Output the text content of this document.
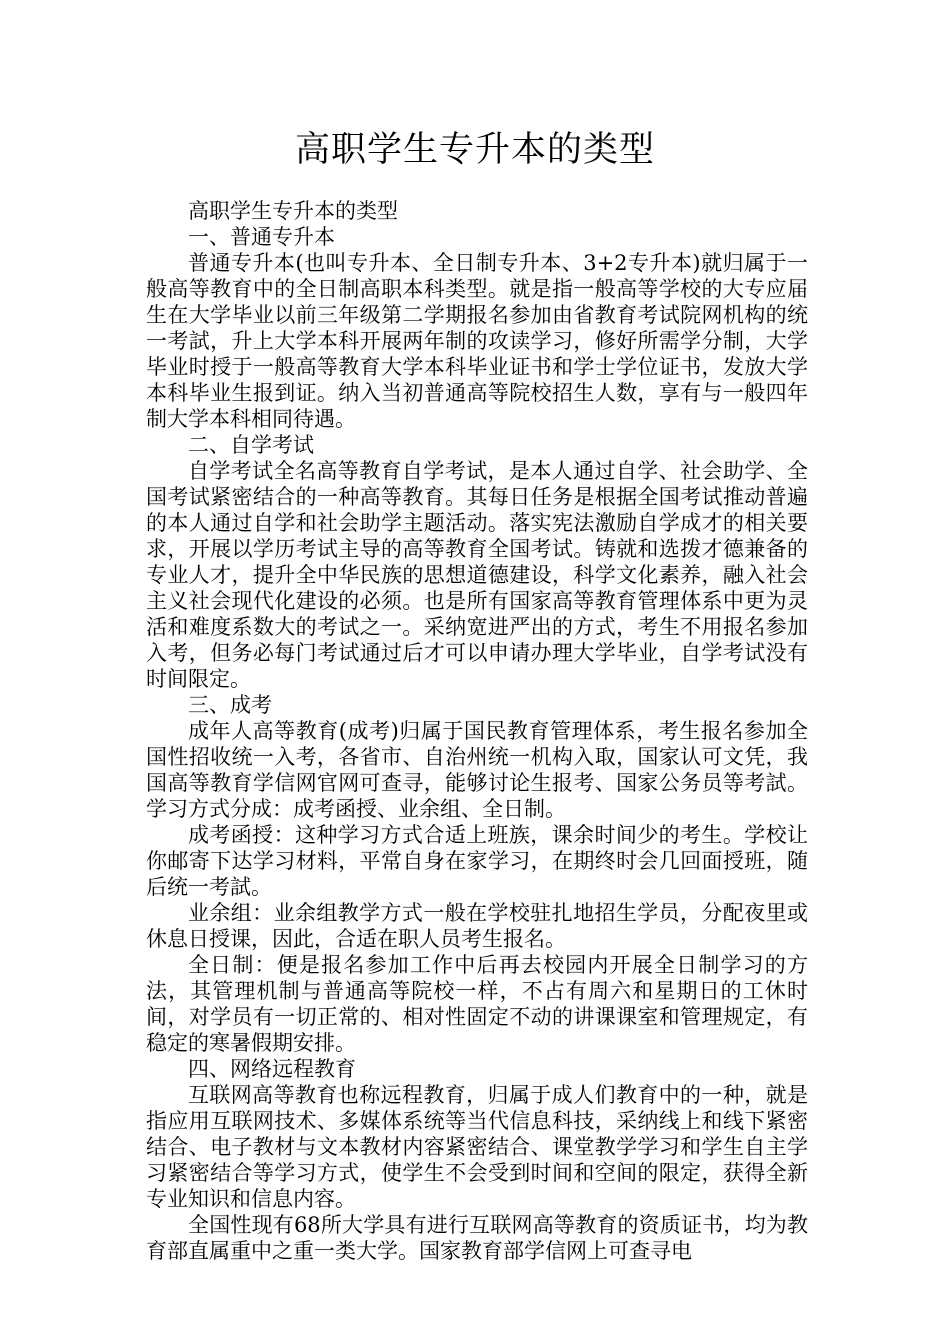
高职学生专升本的类型

高职学生专升本的类型

一、普通专升本

普通专升本(也叫专升本、全日制专升本、3+2专升本)就归属于一般高等教育中的全日制高职本科类型。就是指一般高等学校的大专应届生在大学毕业以前三年级第二学期报名参加由省教育考试院网机构的统一考試，升上大学本科开展两年制的攻读学习，修好所需学分制，大学毕业时授于一般高等教育大学本科毕业证书和学士学位证书，发放大学本科毕业生报到证。纳入当初普通高等院校招生人数，享有与一般四年制大学本科相同待遇。

二、自学考试

自学考试全名高等教育自学考试，是本人通过自学、社会助学、全国考试紧密结合的一种高等教育。其每日任务是根据全国考试推动普遍的本人通过自学和社会助学主题活动。落实宪法激励自学成才的相关要求，开展以学历考试主导的高等教育全国考试。铸就和选拨才德兼备的专业人才，提升全中华民族的思想道德建设，科学文化素养，融入社会主义社会现代化建设的必须。也是所有国家高等教育管理体系中更为灵活和难度系数大的考试之一。采纳宽进严出的方式，考生不用报名参加入考，但务必每门考试通过后才可以申请办理大学毕业，自学考试没有时间限定。

三、成考

成年人高等教育(成考)归属于国民教育管理体系，考生报名参加全国性招收统一入考，各省市、自治州统一机构入取，国家认可文凭，我国高等教育学信网官网可查寻，能够讨论生报考、国家公务员等考試。学习方式分成：成考函授、业余组、全日制。

成考函授：这种学习方式合适上班族，课余时间少的考生。学校让你邮寄下达学习材料，平常自身在家学习，在期终时会几回面授班，随后统一考試。

业余组：业余组教学方式一般在学校驻扎地招生学员，分配夜里或休息日授课，因此，合适在职人员考生报名。

全日制：便是报名参加工作中后再去校园内开展全日制学习的方法，其管理机制与普通高等院校一样，不占有周六和星期日的工休时间，对学员有一切正常的、相对性固定不动的讲课课室和管理规定，有稳定的寒暑假期安排。

四、网络远程教育

互联网高等教育也称远程教育，归属于成人们教育中的一种，就是指应用互联网技术、多媒体系统等当代信息科技，采纳线上和线下紧密结合、电子教材与文本教材内容紧密结合、课堂教学学习和学生自主学习紧密结合等学习方式，使学生不会受到时间和空间的限定，获得全新专业知识和信息内容。

全国性现有68所大学具有进行互联网高等教育的资质证书，均为教育部直属重中之重一类大学。国家教育部学信网上可查寻电
